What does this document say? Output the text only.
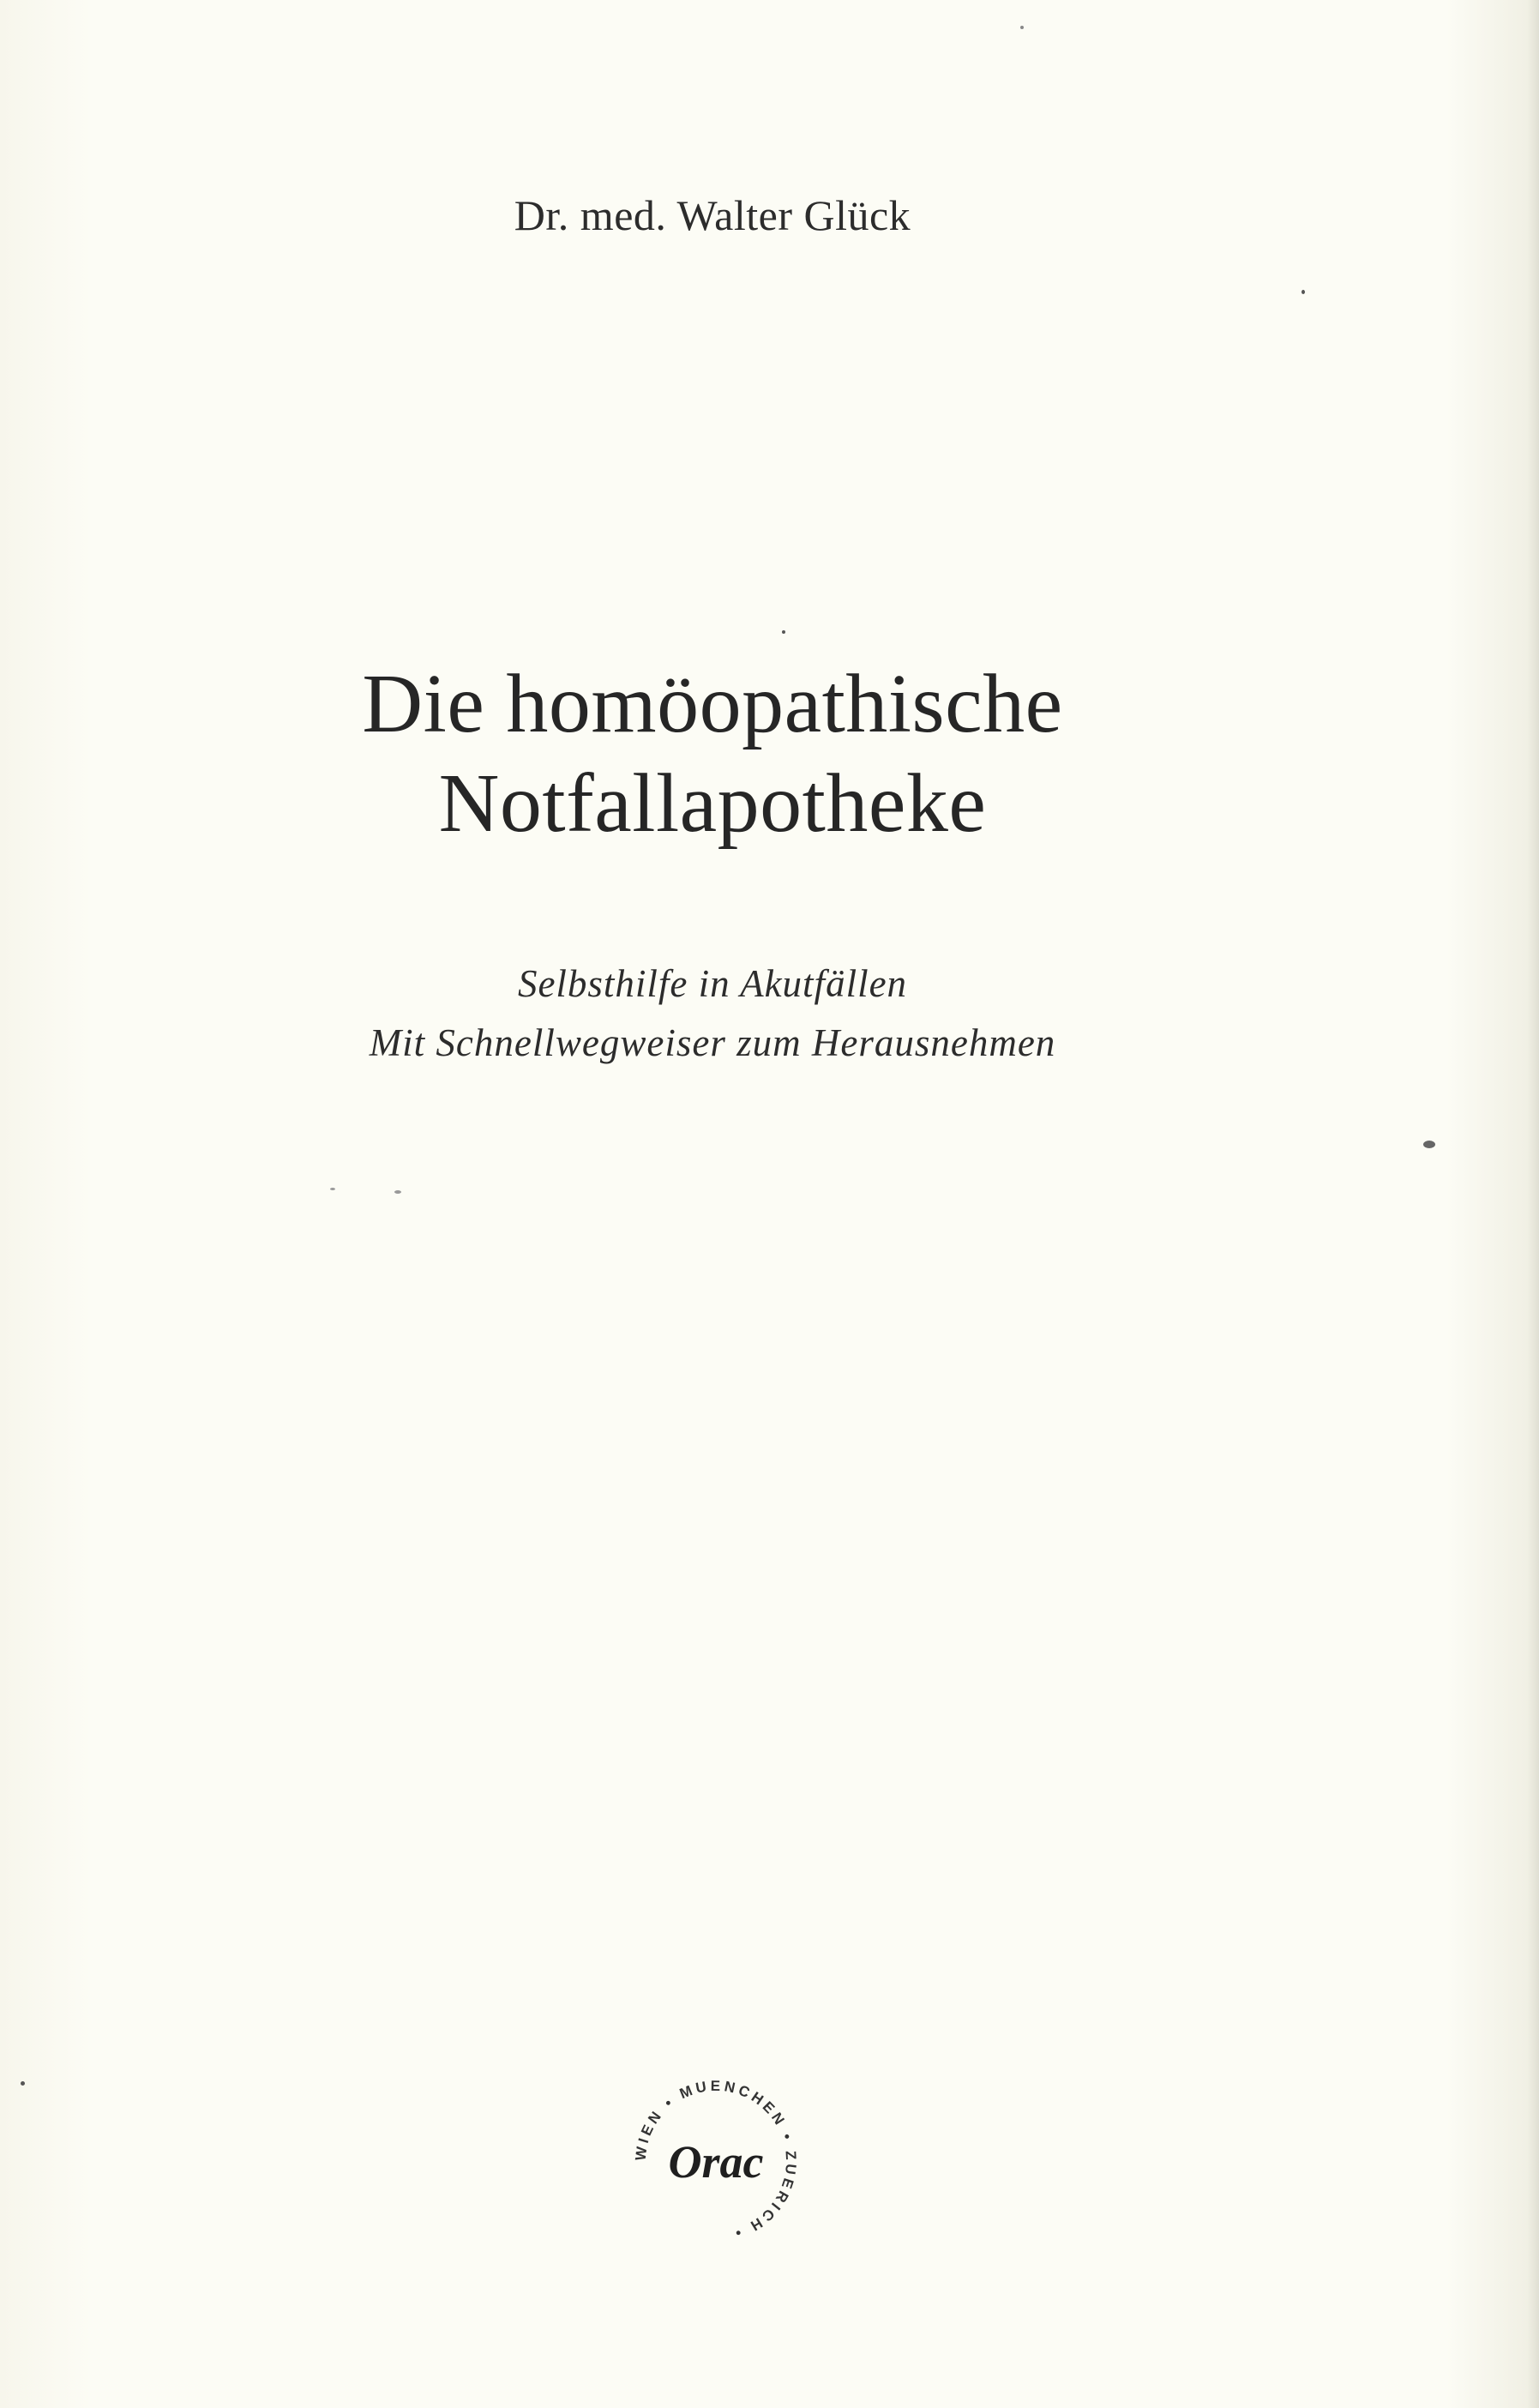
Dr. med. Walter Glück
Die homöopathische
Notfallapotheke
Selbsthilfe in Akutfällen
Mit Schnellwegweiser zum Herausnehmen
WIEN • MUENCHEN • ZUERICH •
Orac
